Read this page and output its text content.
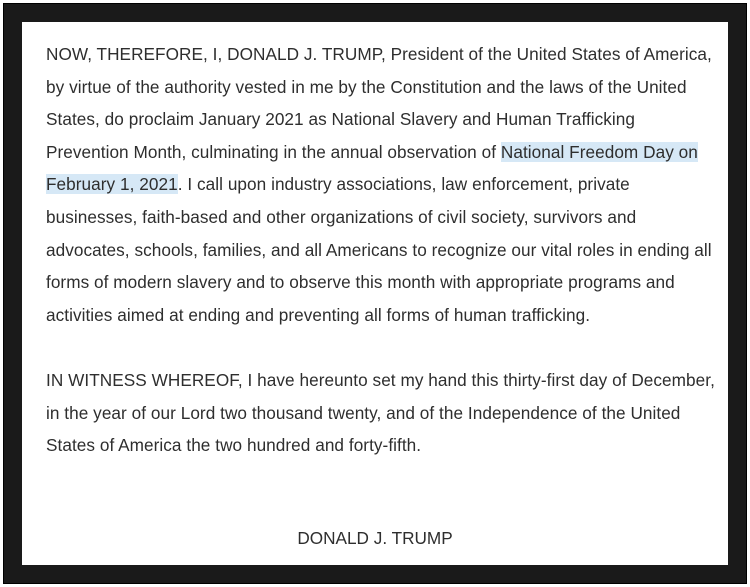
NOW, THEREFORE, I, DONALD J. TRUMP, President of the United States of America, by virtue of the authority vested in me by the Constitution and the laws of the United States, do proclaim January 2021 as National Slavery and Human Trafficking Prevention Month, culminating in the annual observation of National Freedom Day on February 1, 2021. I call upon industry associations, law enforcement, private businesses, faith-based and other organizations of civil society, survivors and advocates, schools, families, and all Americans to recognize our vital roles in ending all forms of modern slavery and to observe this month with appropriate programs and activities aimed at ending and preventing all forms of human trafficking.

IN WITNESS WHEREOF, I have hereunto set my hand this thirty-first day of December, in the year of our Lord two thousand twenty, and of the Independence of the United States of America the two hundred and forty-fifth.

DONALD J. TRUMP
